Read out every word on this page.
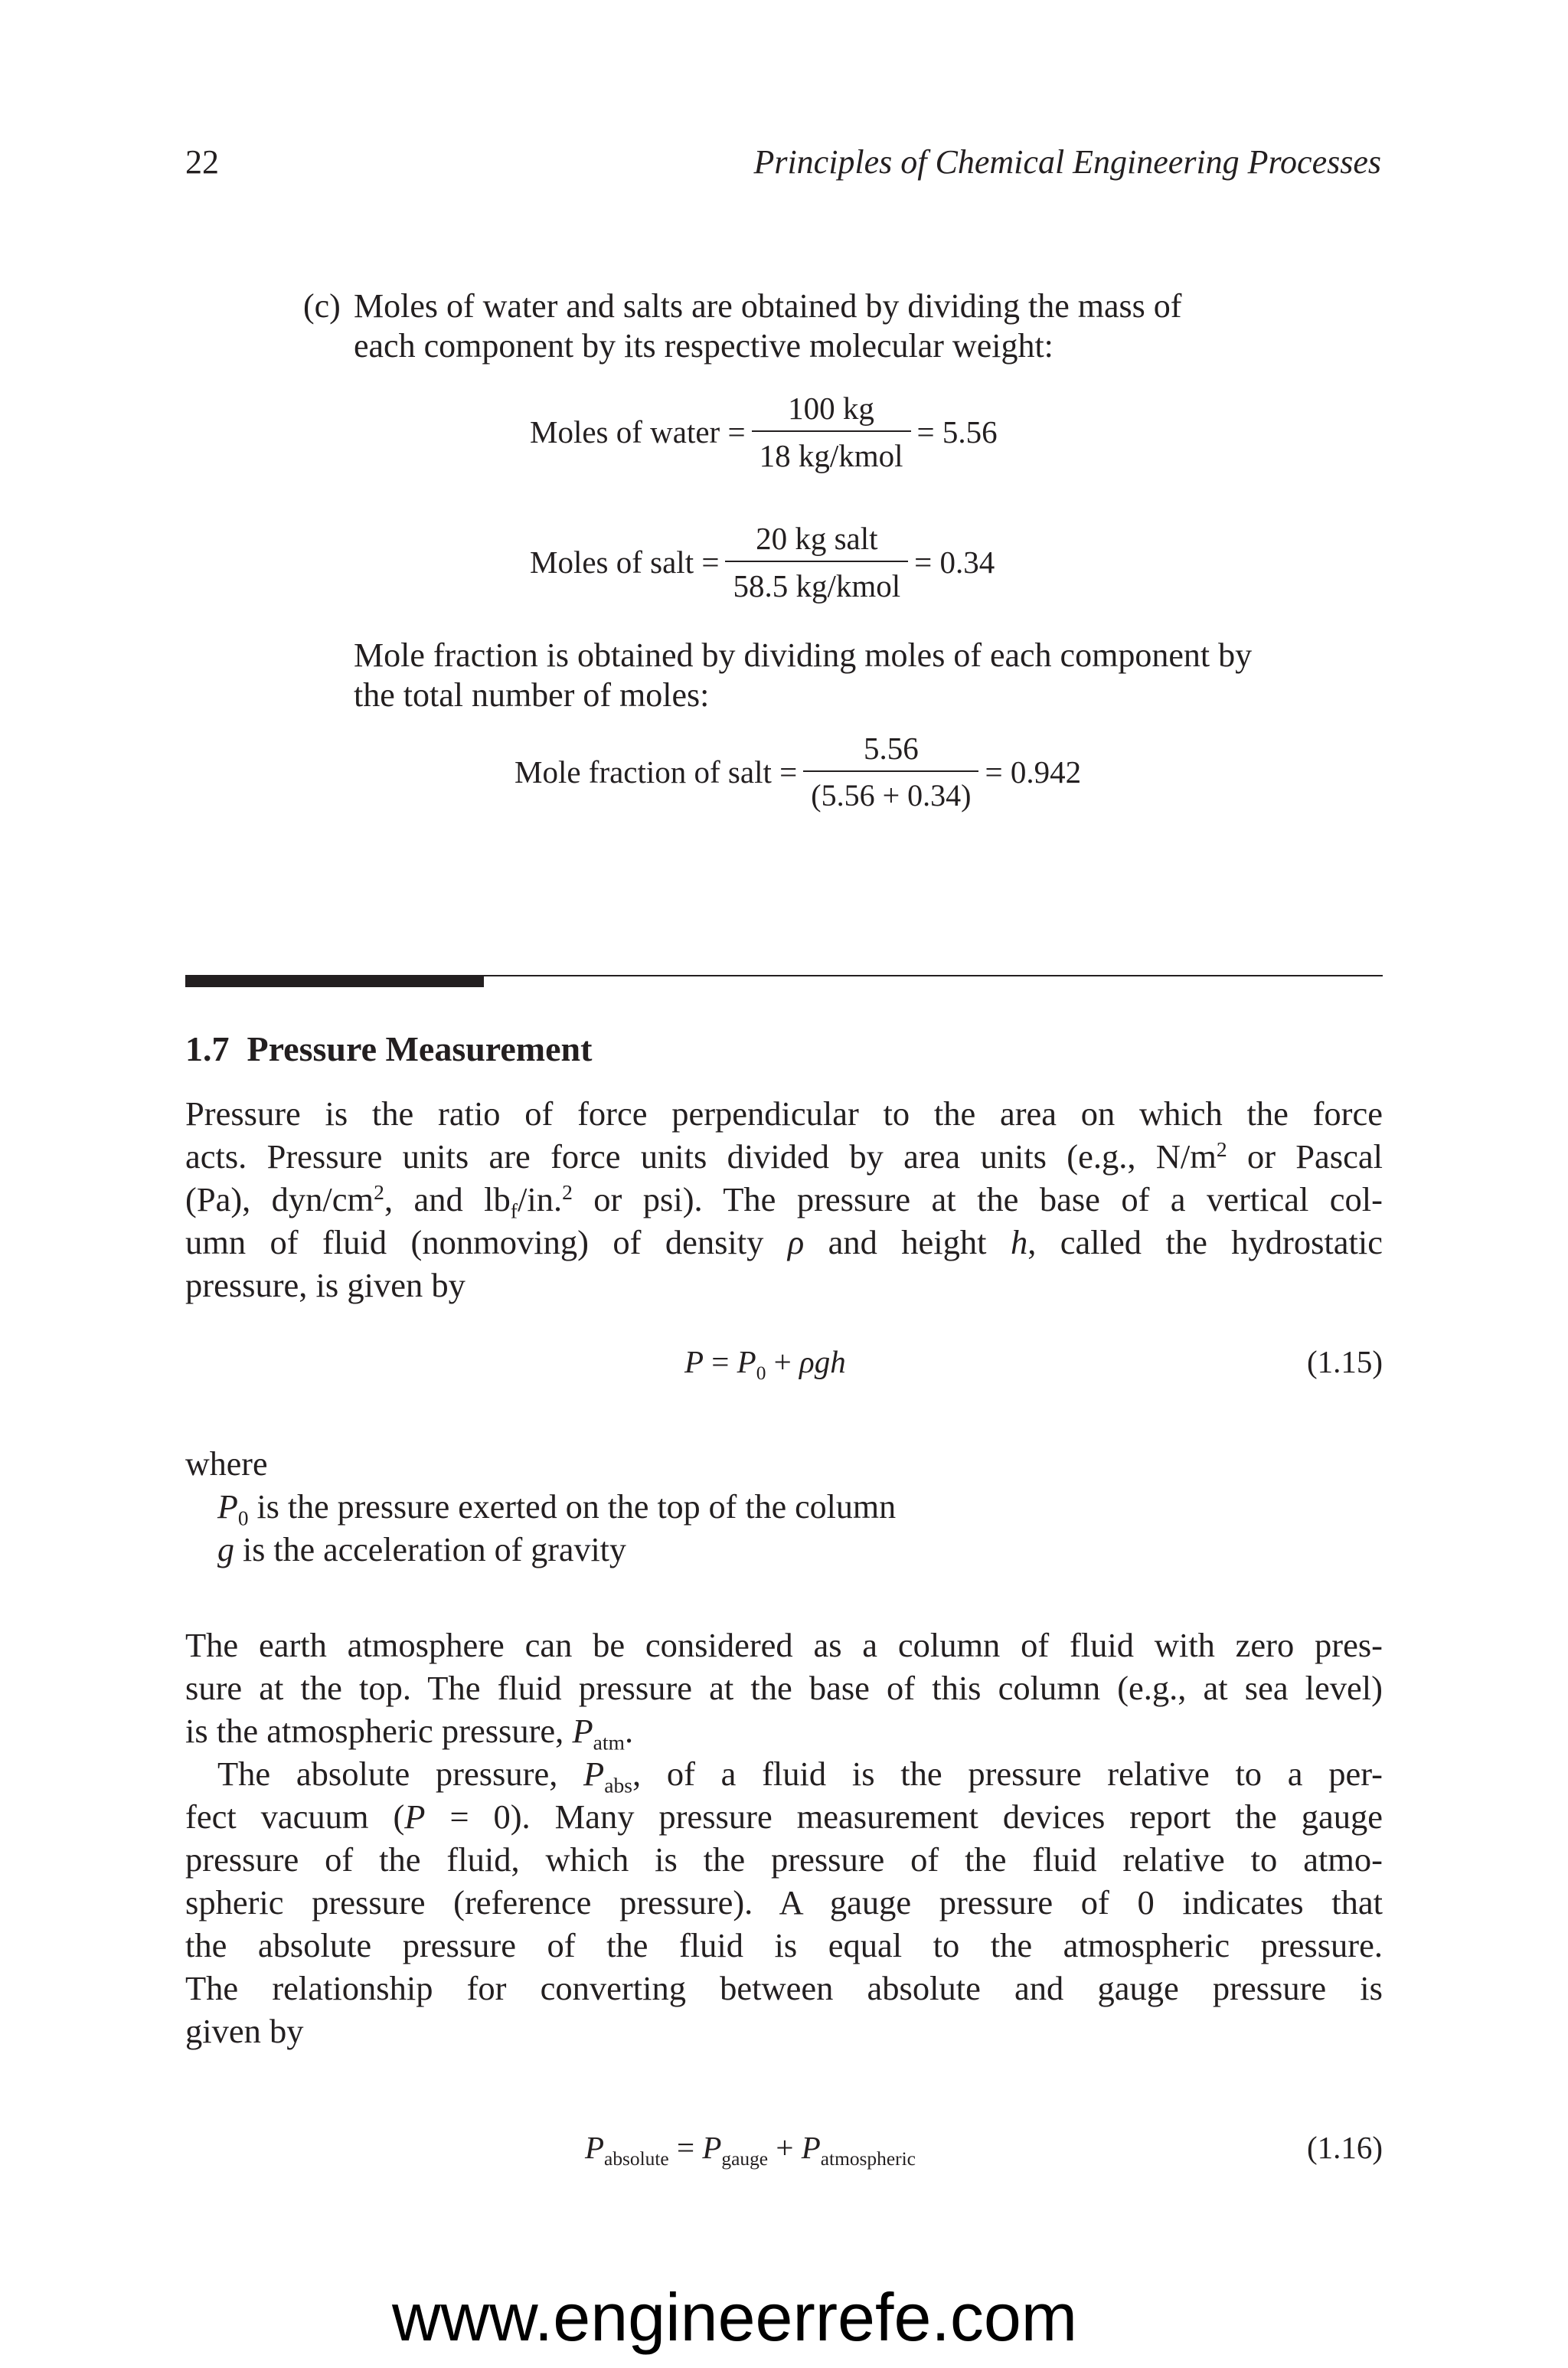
22	Principles of Chemical Engineering Processes
(c) Moles of water and salts are obtained by dividing the mass of
each component by its respective molecular weight:
Moles of water = $\frac{100 kg}{\text{18 kg/kmol}} = 5.56$
Moles of salt = $\frac{\text{20 kg salt}}{\text{58.5 kg/kmol}} = 0.34$
Mole fraction is obtained by dividing moles of each component by
the total number of moles:
Mole fraction of salt = $\frac{5.56}{(5.56 + 0.34)} = 0.942$
1.7 Pressure Measurement
Pressure is the ratio of force perpendicular to the area on which the force
acts. Pressure units are force units divided by area units (e.g., $N/m^2$ or Pascal
(Pa), dyn/$cm^2$, and $lb_f/in.^2$ or psi). The pressure at the base of a vertical col-
umn of fluid (nonmoving) of density ρ and height h, called the hydrostatic
pressure, is given by
$P = P_0 + \rho gh$	(1.15)
where
$P_0$ is the pressure exerted on the top of the column
g is the acceleration of gravity
The earth atmosphere can be considered as a column of fluid with zero pres-
sure at the top. The fluid pressure at the base of this column (e.g., at sea level)
is the atmospheric pressure, $P_{atm}$.
The absolute pressure, $P_{abs}$, of a fluid is the pressure relative to a per-
fect vacuum (P = 0). Many pressure measurement devices report the gauge
pressure of the fluid, which is the pressure of the fluid relative to atmo-
spheric pressure (reference pressure). A gauge pressure of 0 indicates that
the absolute pressure of the fluid is equal to the atmospheric pressure.
The relationship for converting between absolute and gauge pressure is
given by
$P_{absolute} = P_{gauge} + P_{atmospheric}$	(1.16)
www.engineerrefe.com
